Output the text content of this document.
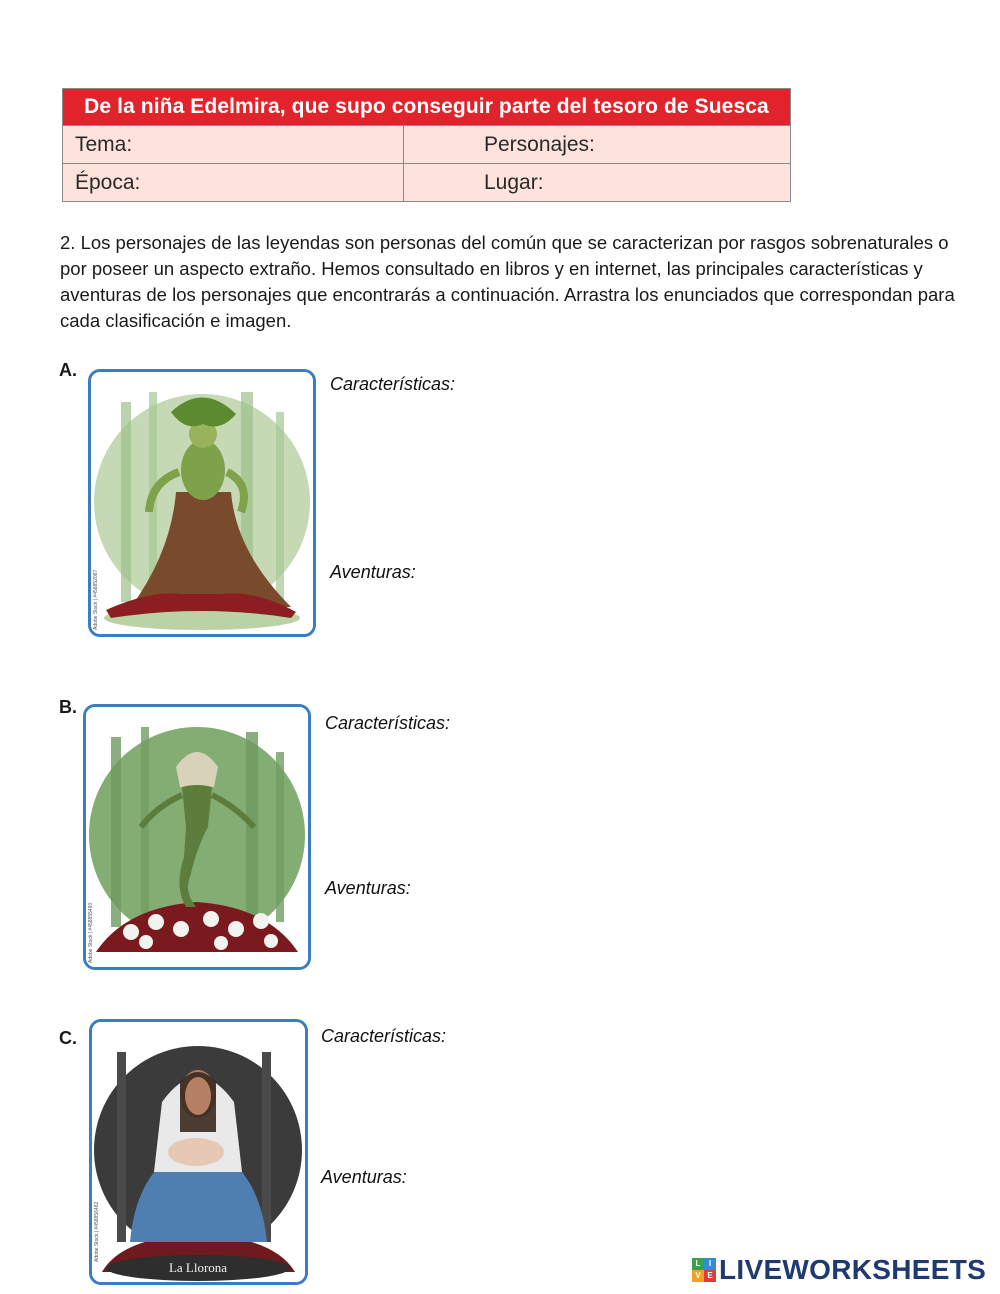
De la niña Edelmira, que supo conseguir parte del tesoro de Suesca
Tema:	Personajes:
Época:	Lugar:
2. Los personajes de las leyendas son personas del común que se caracterizan por rasgos sobrenaturales o por poseer un aspecto extraño. Hemos consultado en libros y en internet, las principales características y aventuras de los personajes que encontrarás a continuación. Arrastra los enunciados que correspondan para cada clasificación e imagen.
A.
Adobe Stock | #458852087
Características:
Aventuras:
B.
Adobe Stock | #458855490
Características:
Aventuras:
C.
La Llorona
Adobe Stock | #458856482
Características:
Aventuras:
L	I
V E LIVEWORKSHEETS
